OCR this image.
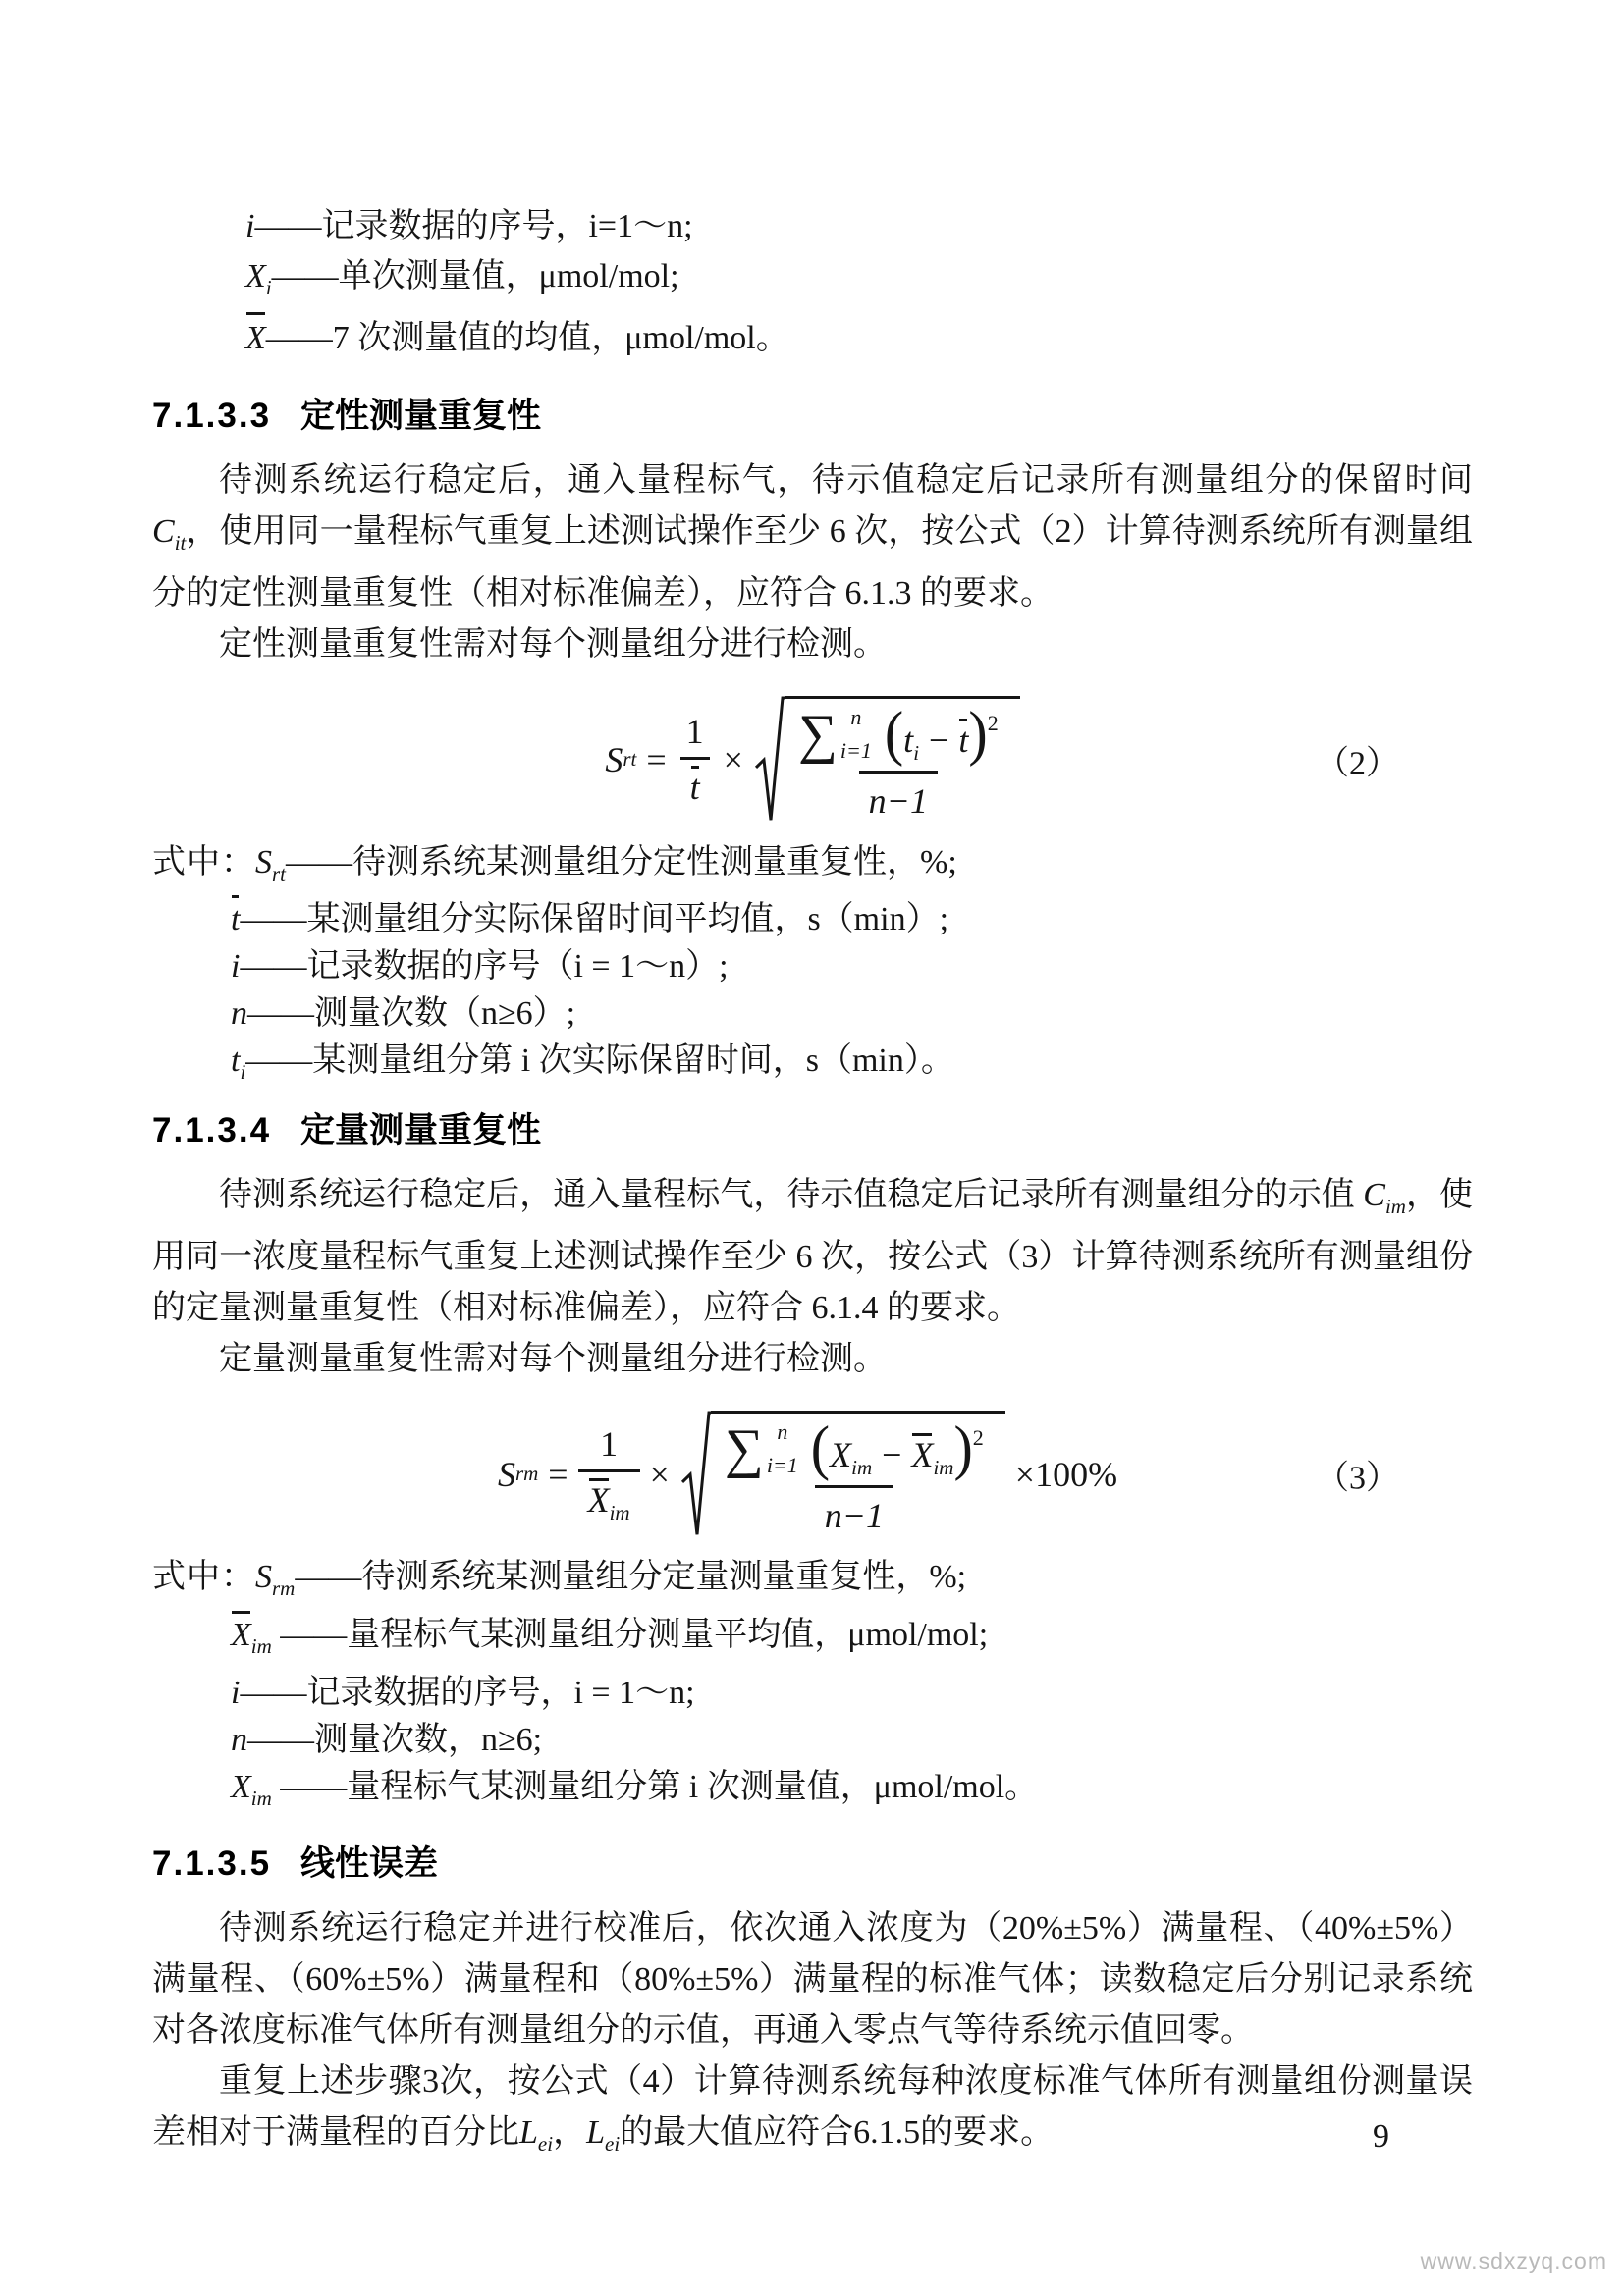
i——记录数据的序号，i=1～n;
$X_i——$单次测量值，μmol/mol;
X——7 次测量值的均值，μmol/mol。
7.1.3.3 定性测量重复性

待测系统运行稳定后，通入量程标气，待示值稳定后记录所有测量组分的保留时间 $C_{it}$，使用同一量程标气重复上述测试操作至少 6 次，按公式（2）计算待测系统所有测量组分的定性测量重复性（相对标准偏差），应符合 6.1.3 的要求。

定性测量重复性需对每个测量组分进行检测。

S rt = $\frac{1}{t}$ × ∑ n
i=1 $(t_i - t)^2$
n−1
（2）
式中：$S_{rt}——$待测系统某测量组分定性测量重复性，%;
t——某测量组分实际保留时间平均值，s（min）;
i——记录数据的序号（i = 1～n）;
n——测量次数（n≥6）;
$t_i——$某测量组分第 i 次实际保留时间，s（min）。
7.1.3.4 定量测量重复性

待测系统运行稳定后，通入量程标气，待示值稳定后记录所有测量组分的示值 $C_{im}$，使用同一浓度量程标气重复上述测试操作至少 6 次，按公式（3）计算待测系统所有测量组份的定量测量重复性（相对标准偏差），应符合 6.1.4 的要求。

定量测量重复性需对每个测量组分进行检测。

S rm = $\frac{1}{X_{im}}$ × ∑ n
i=1 $(X_{im} - X_{im})^2$
n−1
×100%	（3）
式中：$S_{rm}——$待测系统某测量组分定量测量重复性，%;
$X_{im}$ ——量程标气某测量组分测量平均值，μmol/mol;
i——记录数据的序号，i = 1～n;
n——测量次数，n≥6;
$X_{im}$ ——量程标气某测量组分第 i 次测量值，μmol/mol。
7.1.3.5 线性误差

待测系统运行稳定并进行校准后，依次通入浓度为（20%±5%）满量程、（40%±5%）满量程、（60%±5%）满量程和（80%±5%）满量程的标准气体；读数稳定后分别记录系统对各浓度标准气体所有测量组分的示值，再通入零点气等待系统示值回零。

重复上述步骤3次，按公式（4）计算待测系统每种浓度标准气体所有测量组份测量误差相对于满量程的百分比$L_{ei}$，$L_{ei}$的最大值应符合6.1.5的要求。	9
www.sdxzyq.com
